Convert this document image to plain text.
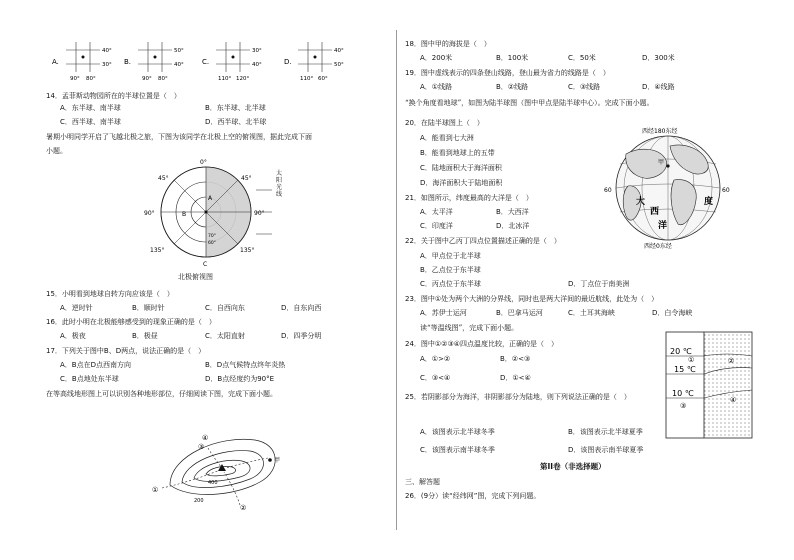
A.
40°
30°
90° 80°
B.
50°
40°
90° 80°
C.
30°
40°
110° 120°
D.
40°
50°
110° 60°
14．孟菲斯动物园所在的半球位置是（　）
A．东半球、南半球	B．东半球、北半球
C．西半球、南半球	D．西半球、北半球
暑期小明同学开启了飞越北极之旅，下图为该同学在北极上空的俯视图，据此完成下面
小题。
0°
45°	45°
90°	90°
135°	135°
A
B
C
70°
60°
太阳光线
北极俯视图
15．小明看到地球自转方向应该是（　）
A．逆时针	B．顺时针	C．自西向东	D．自东向西
16．此时小明在北极能够感受到的现象正确的是（　）
A．极夜	B．极昼	C．太阳直射	D．四季分明
17．下列关于图中B、D两点，说法正确的是（　）
A．B点在D点西南方向	B．D点气候特点终年炎热
C．B点地处东半球	D．B点经度约为90°E
在等高线地形图上可以识别各种地形部位，仔细阅读下图，完成下面小题。
①
②
③
④
甲
200
400
18．图中甲的海拔是（　）
A．200米	B．100米	C．50米	D．300米
19．图中虚线表示的四条登山线路，登山最为省力的线路是（　）
A．①线路	B．②线路	C．③线路	D．④线路
“换个角度看地球”，如图为陆半球图（图中甲点是陆半球中心）。完成下面小题。
20．在陆半球图上（　）
A．能看到七大洲
B．能看到地球上的五带
C．陆地面积大于海洋面积
D．海洋面积大于陆地面积
西经180东经
甲
60	60
大
西
洋
度
西经0东经
21．如图所示，纬度最高的大洋是（　）
A．太平洋	B．大西洋
C．印度洋	D．北冰洋
22．关于图中乙丙丁四点位置描述正确的是（　）
A．甲点位于北半球
B．乙点位于东半球
C．丙点位于东半球	D．丁点位于南美洲
23．图中①处为两个大洲的分界线，同时也是两大洋间的最近航线，此处为（　）
A．苏伊士运河	B．巴拿马运河	C．土耳其海峡	D．白令海峡
读“等温线图”，完成下面小题。
24．图中①②③④四点温度比较，正确的是（　）
A．①>②	B．②<③
C．③<④	D．①<④
20 ℃
15 ℃
10 ℃
①	②
③
④
25．若阴影部分为海洋，非阴影部分为陆地，则下列说法正确的是（　）
A．该图表示北半球冬季	B．该图表示北半球夏季
C．该图表示南半球冬季	D．该图表示南半球夏季
第II卷（非选择题）
三、解答题
26．(9分）读“经纬网”图，完成下列问题。
